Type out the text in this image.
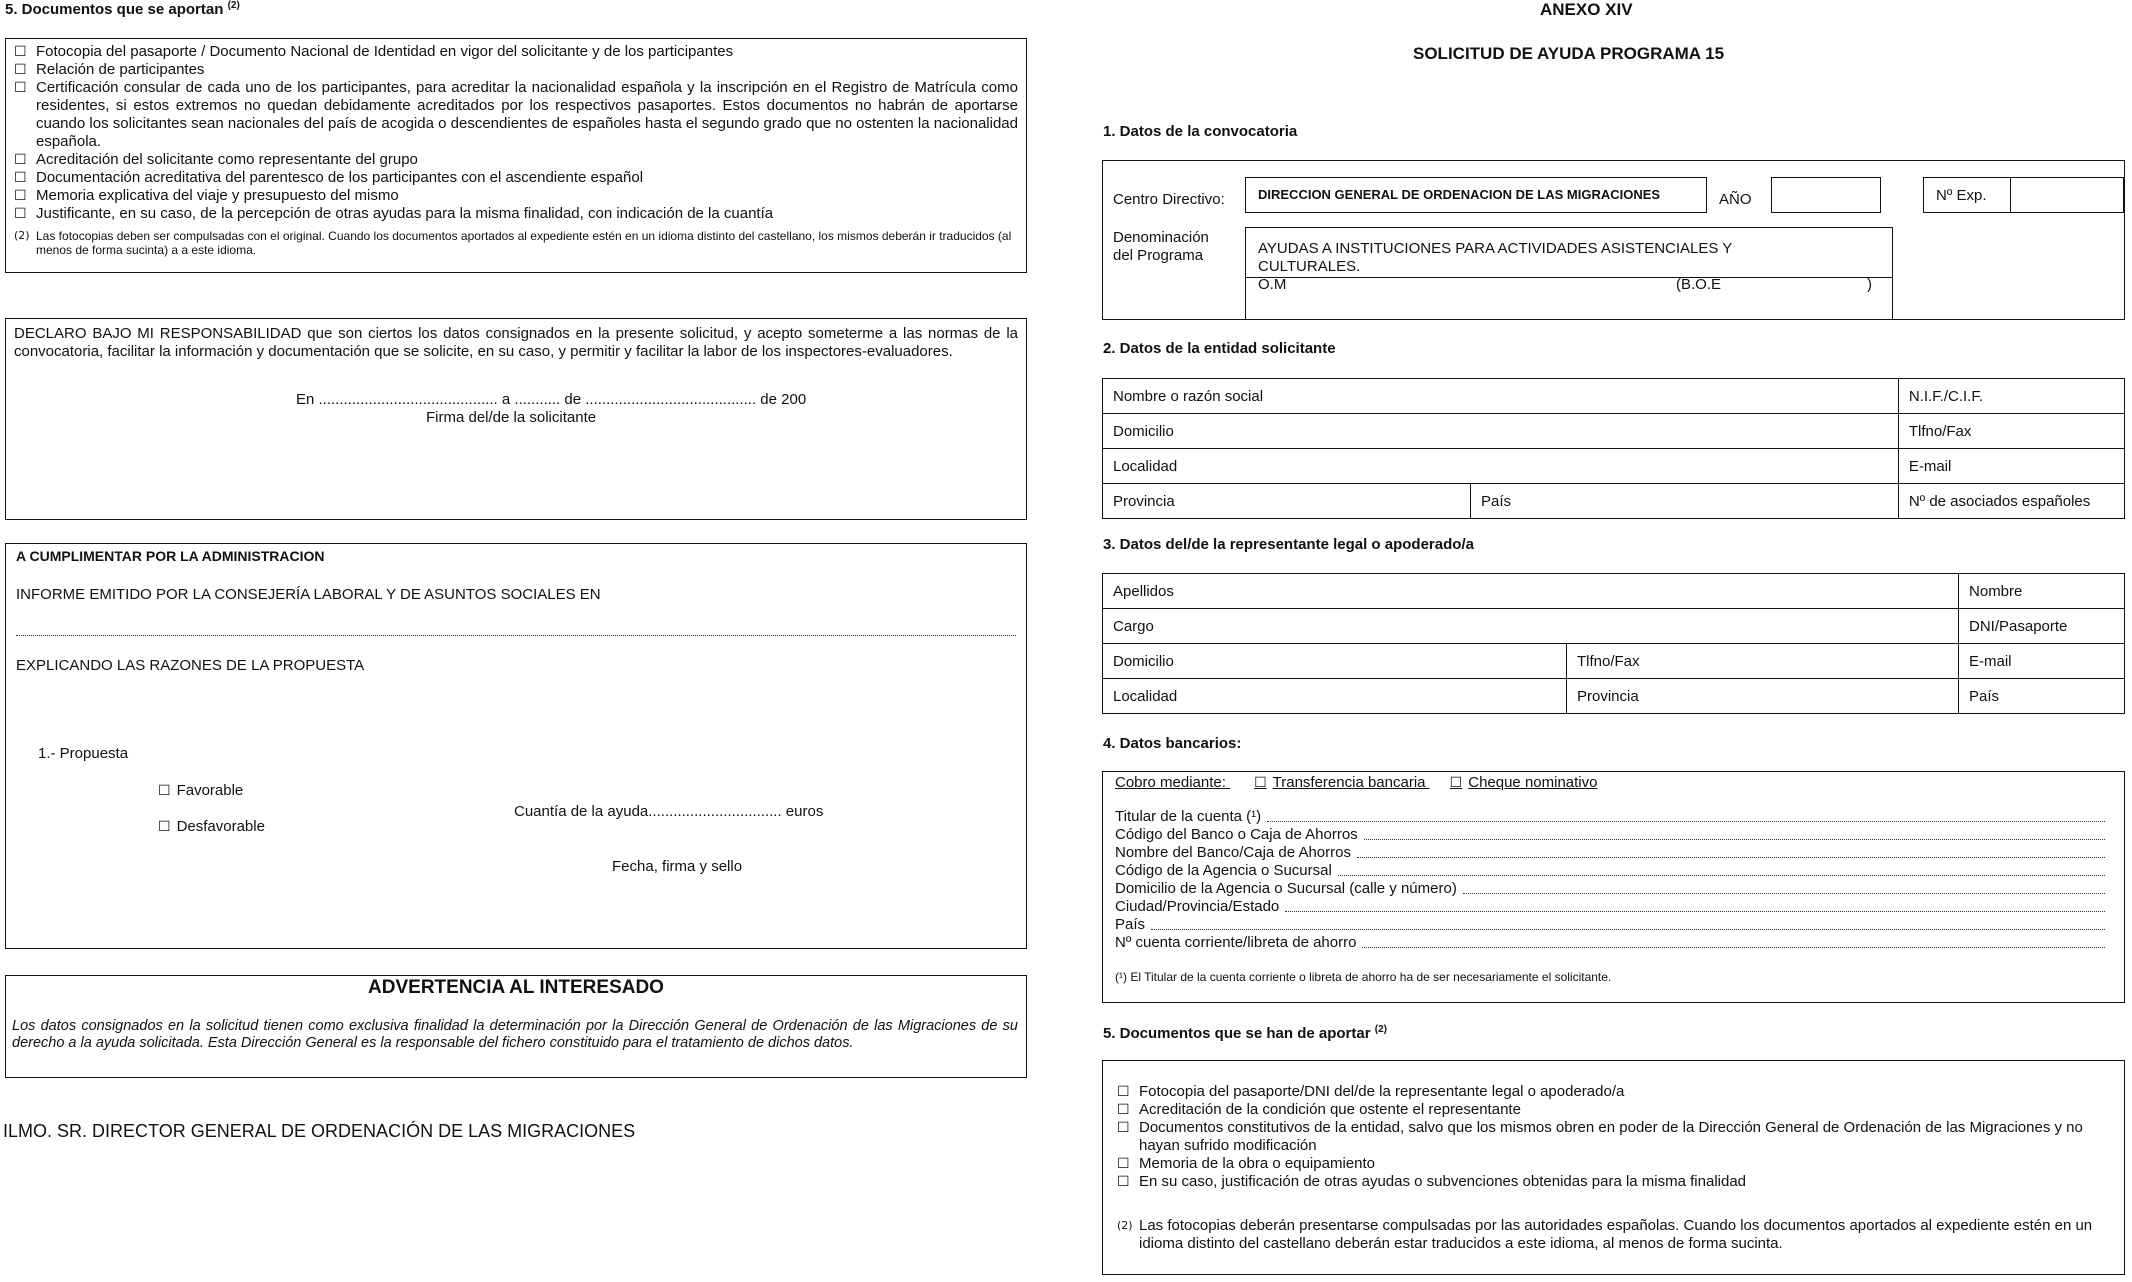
5. Documentos que se aportan $^{(2)}$
☐ Fotocopia del pasaporte / Documento Nacional de Identidad en vigor del solicitante y de los participantes
☐ Relación de participantes
☐ Certificación consular de cada uno de los participantes, para acreditar la nacionalidad española y la inscripción en el Registro de Matrícula como residentes, si estos extremos no quedan debidamente acreditados por los respectivos pasaportes. Estos documentos no habrán de aportarse cuando los solicitantes sean nacionales del país de acogida o descendientes de españoles hasta el segundo grado que no ostenten la nacionalidad española.
☐ Acreditación del solicitante como representante del grupo
☐ Documentación acreditativa del parentesco de los participantes con el ascendiente español
☐ Memoria explicativa del viaje y presupuesto del mismo
☐ Justificante, en su caso, de la percepción de otras ayudas para la misma finalidad, con indicación de la cuantía
(2) Las fotocopias deben ser compulsadas con el original. Cuando los documentos aportados al expediente estén en un idioma distinto del castellano, los mismos deberán ir traducidos (al menos de forma sucinta) a a este idioma.
DECLARO BAJO MI RESPONSABILIDAD que son ciertos los datos consignados en la presente solicitud, y acepto someterme a las normas de la convocatoria, facilitar la información y documentación que se solicite, en su caso, y permitir y facilitar la labor de los inspectores-evaluadores.
En ........................................... a ........... de ......................................... de 200
Firma del/de la solicitante
A CUMPLIMENTAR POR LA ADMINISTRACION
INFORME EMITIDO POR LA CONSEJERÍA LABORAL Y DE ASUNTOS SOCIALES EN
EXPLICANDO LAS RAZONES DE LA PROPUESTA
1.- Propuesta
☐ Favorable
☐ Desfavorable
Cuantía de la ayuda................................ euros
Fecha, firma y sello
ADVERTENCIA AL INTERESADO
Los datos consignados en la solicitud tienen como exclusiva finalidad la determinación por la Dirección General de Ordenación de las Migraciones de su derecho a la ayuda solicitada. Esta Dirección General es la responsable del fichero constituido para el tratamiento de dichos datos.
ILMO. SR. DIRECTOR GENERAL DE ORDENACIÓN DE LAS MIGRACIONES
ANEXO XIV
SOLICITUD DE AYUDA PROGRAMA 15
1. Datos de la convocatoria
Centro Directivo:	DIRECCION GENERAL DE ORDENACION DE LAS MIGRACIONES	AÑO	Nº Exp.
Denominación del Programa	AYUDAS A INSTITUCIONES PARA ACTIVIDADES ASISTENCIALES Y CULTURALES.
O.M	(B.O.E	)
2. Datos de la entidad solicitante
Nombre o razón social		N.I.F./C.I.F.
Domicilio		Tlfno/Fax
Localidad		E-mail
Provincia	País	Nº de asociados españoles
3. Datos del/de la representante legal o apoderado/a
Apellidos		Nombre
Cargo		DNI/Pasaporte
Domicilio	Tlfno/Fax	E-mail
Localidad	Provincia	País
4. Datos bancarios:
Cobro mediante:	☐ Transferencia bancaria	☐ Cheque nominativo
Titular de la cuenta (¹)
Código del Banco o Caja de Ahorros
Nombre del Banco/Caja de Ahorros
Código de la Agencia o Sucursal
Domicilio de la Agencia o Sucursal (calle y número)
Ciudad/Provincia/Estado
País
Nº cuenta corriente/libreta de ahorro
(¹) El Titular de la cuenta corriente o libreta de ahorro ha de ser necesariamente el solicitante.
5. Documentos que se han de aportar $^{(2)}$
☐ Fotocopia del pasaporte/DNI del/de la representante legal o apoderado/a
☐ Acreditación de la condición que ostente el representante
☐ Documentos constitutivos de la entidad, salvo que los mismos obren en poder de la Dirección General de Ordenación de las Migraciones y no hayan sufrido modificación
☐ Memoria de la obra o equipamiento
☐ En su caso, justificación de otras ayudas o subvenciones obtenidas para la misma finalidad
(2) Las fotocopias deberán presentarse compulsadas por las autoridades españolas. Cuando los documentos aportados al expediente estén en un idioma distinto del castellano deberán estar traducidos a este idioma, al menos de forma sucinta.
